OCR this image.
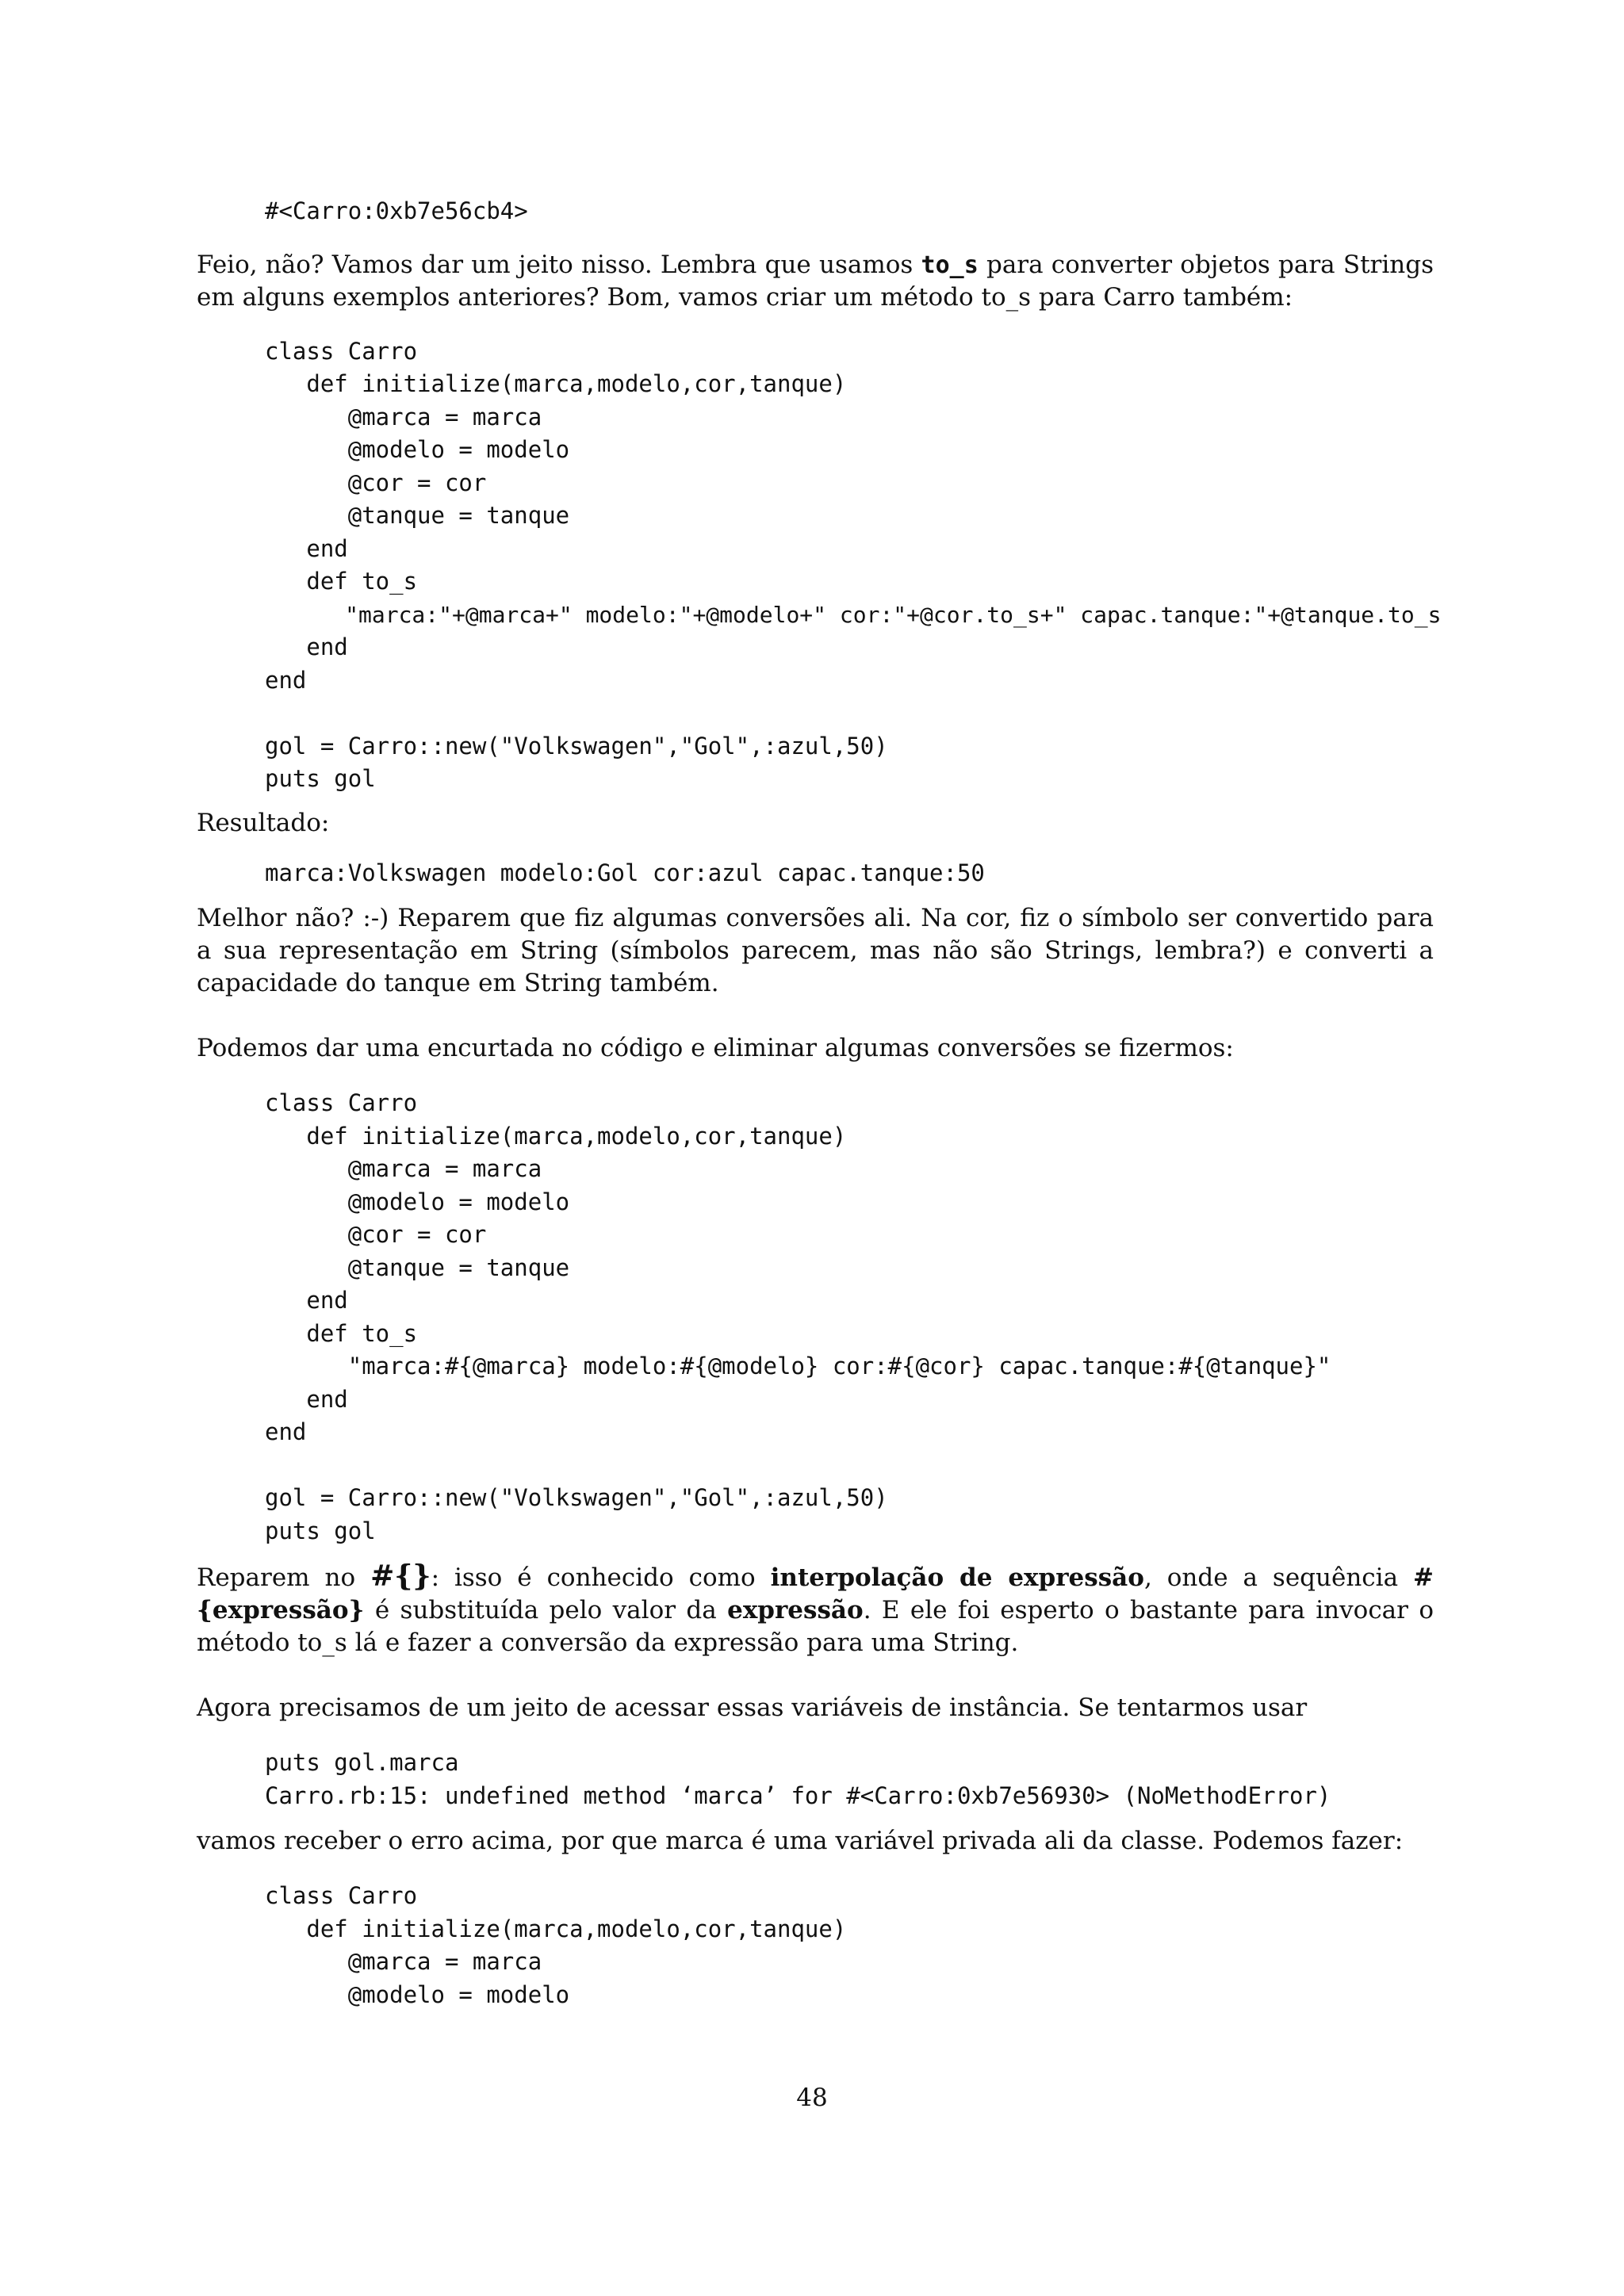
#<Carro:0xb7e56cb4>

Feio, não? Vamos dar um jeito nisso. Lembra que usamos to_s para converter objetos para Strings em alguns exemplos anteriores? Bom, vamos criar um método to_s para Carro também:

class Carro
def initialize(marca,modelo,cor,tanque)
@marca = marca
@modelo = modelo
@cor = cor
@tanque = tanque
end
def to_s
"marca:"+@marca+" modelo:"+@modelo+" cor:"+@cor.to_s+" capac.tanque:"+@tanque.to_s
end
end
gol = Carro::new("Volkswagen","Gol",:azul,50)
puts gol

Resultado:

marca:Volkswagen modelo:Gol cor:azul capac.tanque:50

Melhor não? :-) Reparem que fiz algumas conversões ali. Na cor, fiz o símbolo ser convertido para a sua representação em String (símbolos parecem, mas não são Strings, lembra?) e converti a capacidade do tanque em String também.

Podemos dar uma encurtada no código e eliminar algumas conversões se fizermos:

class Carro
def initialize(marca,modelo,cor,tanque)
@marca = marca
@modelo = modelo
@cor = cor
@tanque = tanque
end
def to_s
"marca:#{@marca} modelo:#{@modelo} cor:#{@cor} capac.tanque:#{@tanque}"
end
end
gol = Carro::new("Volkswagen","Gol",:azul,50)
puts gol

Reparem no #{}: isso é conhecido como interpolação de expressão, onde a sequência #{expressão} é substituída pelo valor da expressão. E ele foi esperto o bastante para invocar o método to_s lá e fazer a conversão da expressão para uma String.

Agora precisamos de um jeito de acessar essas variáveis de instância. Se tentarmos usar

puts gol.marca
Carro.rb:15: undefined method ‘marca’ for #<Carro:0xb7e56930> (NoMethodError)

vamos receber o erro acima, por que marca é uma variável privada ali da classe. Podemos fazer:

class Carro
def initialize(marca,modelo,cor,tanque)
@marca = marca
@modelo = modelo
48
